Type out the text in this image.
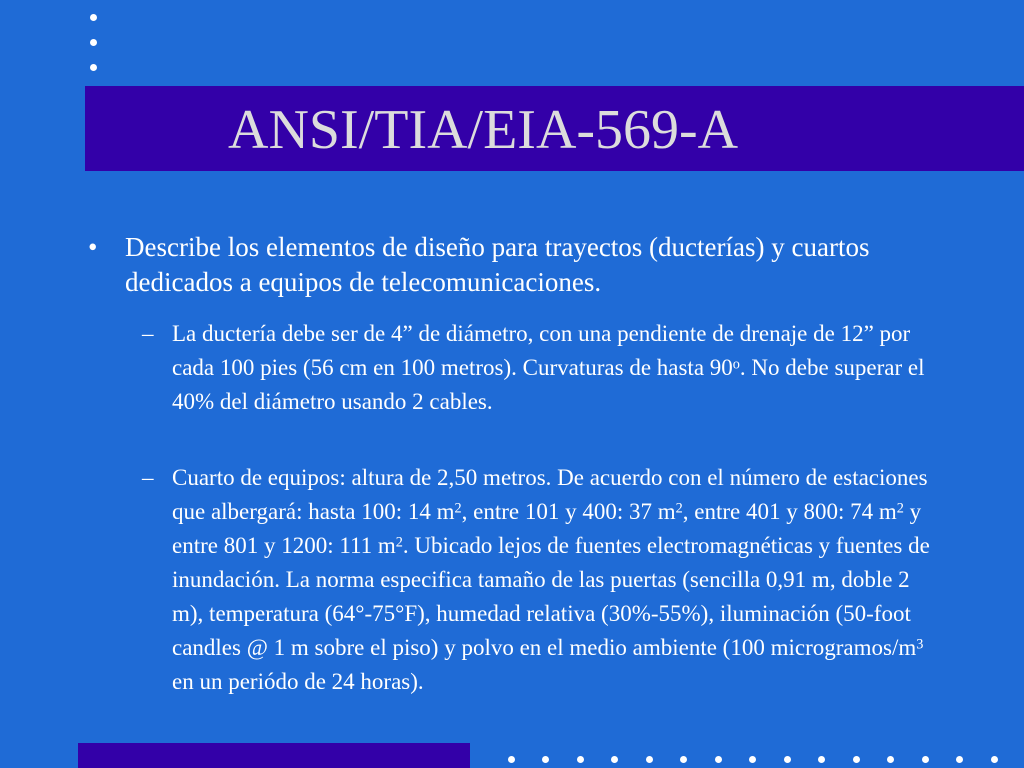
ANSI/TIA/EIA-569-A
• Describe los elementos de diseño para trayectos (ducterías) y cuartos dedicados a equipos de telecomunicaciones.
– La ductería debe ser de 4” de diámetro, con una pendiente de drenaje de 12” por cada 100 pies (56 cm en 100 metros). Curvaturas de hasta 90$^o$. No debe superar el 40% del diámetro usando 2 cables.
– Cuarto de equipos: altura de 2,50 metros. De acuerdo con el número de estaciones que albergará: hasta 100: 14 $m^2$, entre 101 y 400: 37 $m^2$, entre 401 y 800: 74 $m^2$ y entre 801 y 1200: 111 $m^2$. Ubicado lejos de fuentes electromagnéticas y fuentes de inundación. La norma especifica tamaño de las puertas (sencilla 0,91 m, doble 2 m), temperatura (64°-75°F), humedad relativa (30%-55%), iluminación (50-foot candles @ 1 m sobre el piso) y polvo en el medio ambiente (100 microgramos/$m^3$ en un periódo de 24 horas).
